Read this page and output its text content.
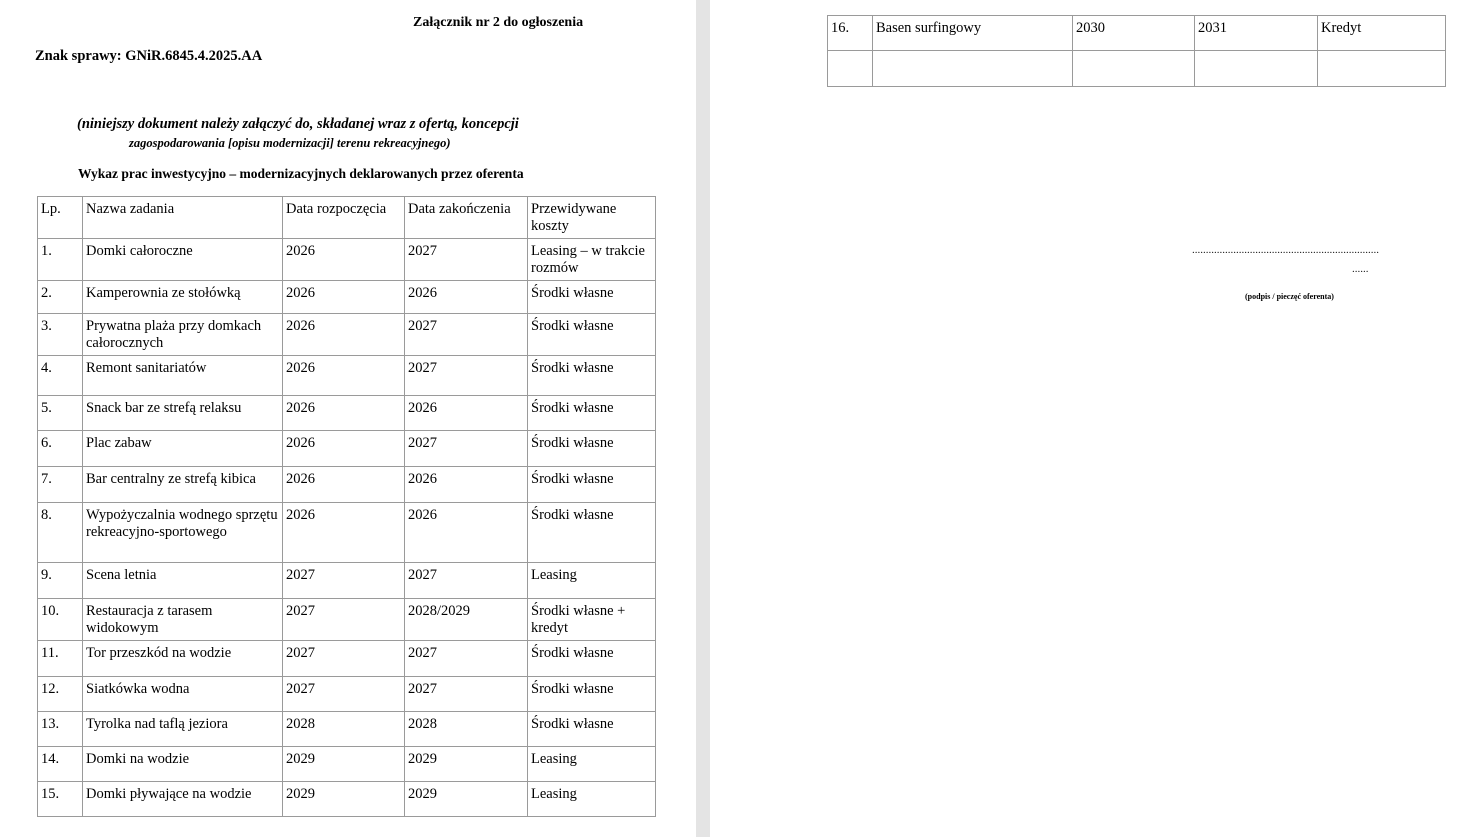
Załącznik nr 2 do ogłoszenia
Znak sprawy: GNiR.6845.4.2025.AA
(niniejszy dokument należy załączyć do, składanej wraz z ofertą, koncepcji
zagospodarowania [opisu modernizacji] terenu rekreacyjnego)
Wykaz prac inwestycyjno – modernizacyjnych deklarowanych przez oferenta
Lp.	Nazwa zadania	Data rozpoczęcia	Data zakończenia	Przewidywane koszty
1.	Domki całoroczne	2026	2027	Leasing – w trakcie rozmów
2.	Kamperownia ze stołówką	2026	2026	Środki własne
3.	Prywatna plaża przy domkach całorocznych	2026	2027	Środki własne
4.	Remont sanitariatów	2026	2027	Środki własne
5.	Snack bar ze strefą relaksu	2026	2026	Środki własne
6.	Plac zabaw	2026	2027	Środki własne
7.	Bar centralny ze strefą kibica	2026	2026	Środki własne
8.	Wypożyczalnia wodnego sprzętu rekreacyjno-sportowego	2026	2026	Środki własne
9.	Scena letnia	2027	2027	Leasing
10.	Restauracja z tarasem widokowym	2027	2028/2029	Środki własne + kredyt
11.	Tor przeszkód na wodzie	2027	2027	Środki własne
12.	Siatkówka wodna	2027	2027	Środki własne
13.	Tyrolka nad taflą jeziora	2028	2028	Środki własne
14.	Domki na wodzie	2029	2029	Leasing
15.	Domki pływające na wodzie	2029	2029	Leasing
16.	Basen surfingowy	2030	2031	Kredyt

....................................................................
......
(podpis / pieczęć oferenta)
